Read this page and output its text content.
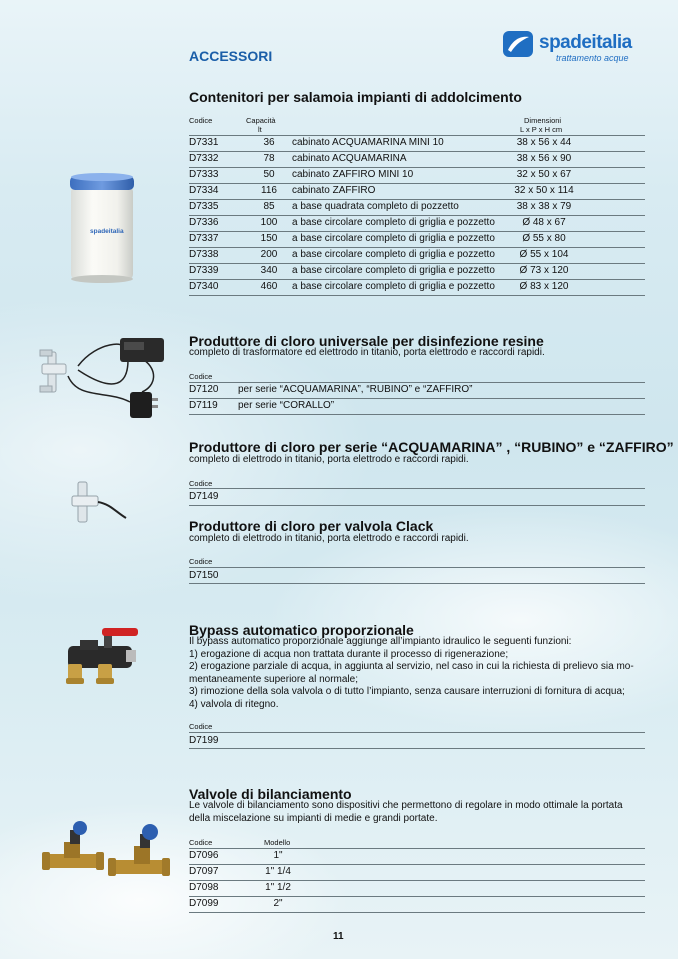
ACCESSORI
spadeitalia
trattamento acque
Contenitori per salamoia impianti di addolcimento
Codice	Capacità
lt
Dimensioni
L x P x H cm
D7331	36	cabinato ACQUAMARINA MINI 10	38 x 56 x 44
D7332	78	cabinato ACQUAMARINA	38 x 56 x 90
D7333	50	cabinato ZAFFIRO MINI 10	32 x 50 x 67
D7334	116	cabinato ZAFFIRO	32 x 50 x 114
D7335	85	a base quadrata completo di pozzetto	38 x 38 x 79
D7336	100	a base circolare completo di griglia e pozzetto	Ø 48 x 67
D7337	150	a base circolare completo di griglia e pozzetto	Ø 55 x 80
D7338	200	a base circolare completo di griglia e pozzetto	Ø 55 x 104
D7339	340	a base circolare completo di griglia e pozzetto	Ø 73 x 120
D7340	460	a base circolare completo di griglia e pozzetto	Ø 83 x 120
spadeitalia
Produttore di cloro universale per disinfezione resine
completo di trasformatore ed elettrodo in titanio, porta elettrodo e raccordi rapidi.
Codice
D7120 per serie “ACQUAMARINA”, “RUBINO” e “ZAFFIRO”
D7119 per serie “CORALLO”
Produttore di cloro per serie “ACQUAMARINA” , “RUBINO” e “ZAFFIRO”
completo di elettrodo in titanio, porta elettrodo e raccordi rapidi.
Codice
D7149
Produttore di cloro per valvola Clack
completo di elettrodo in titanio, porta elettrodo e raccordi rapidi.
Codice
D7150
Bypass automatico proporzionale
Il bypass automatico proporzionale aggiunge all’impianto idraulico le seguenti funzioni:
1) erogazione di acqua non trattata durante il processo di rigenerazione;
2) erogazione parziale di acqua, in aggiunta al servizio, nel caso in cui la richiesta di prelievo sia mo-
mentaneamente superiore al normale;
3) rimozione della sola valvola o di tutto l’impianto, senza causare interruzioni di fornitura di acqua;
4) valvola di ritegno.
Codice
D7199
Valvole di bilanciamento
Le valvole di bilanciamento sono dispositivi che permettono di regolare in modo ottimale la portata
della miscelazione su impianti di medie e grandi portate.
Codice	Modello
D7096	1"
D7097	1" 1/4
D7098	1" 1/2
D7099	2"
11
